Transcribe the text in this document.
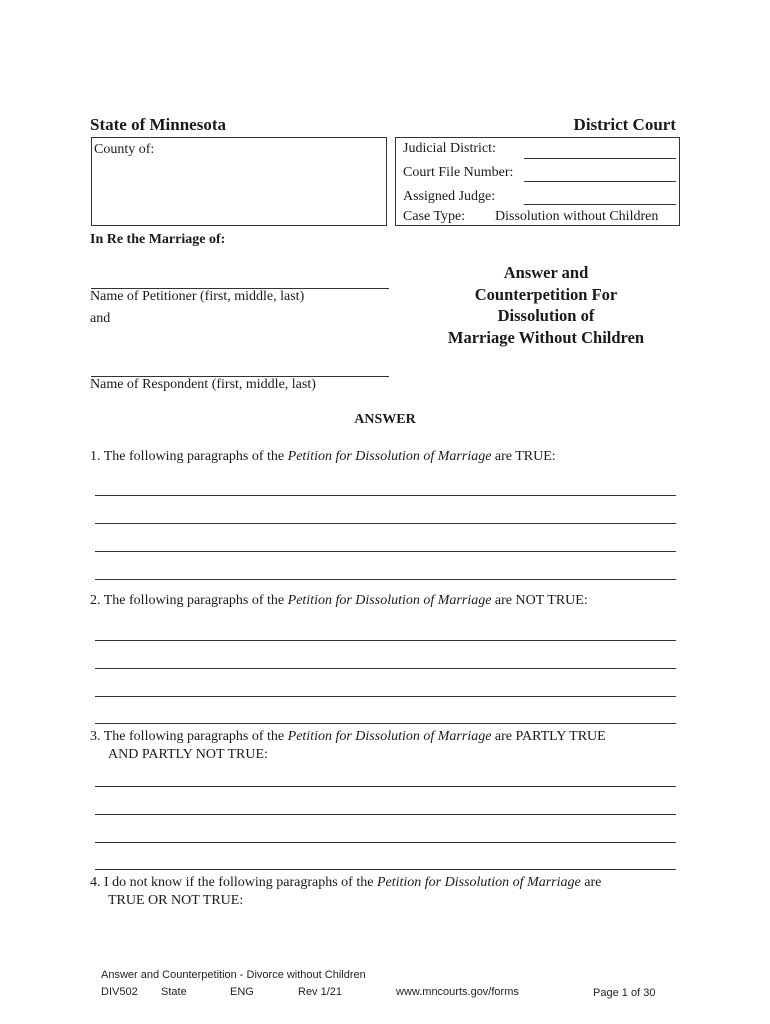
State of Minnesota	District Court
County of:	Judicial District:
Court File Number:
Assigned Judge:
Case Type: Dissolution without Children
In Re the Marriage of:
Name of Petitioner (first, middle, last)
and
Name of Respondent (first, middle, last)
Answer and
Counterpetition For
Dissolution of
Marriage Without Children
ANSWER
1. The following paragraphs of the Petition for Dissolution of Marriage are TRUE:
2. The following paragraphs of the Petition for Dissolution of Marriage are NOT TRUE:
3. The following paragraphs of the Petition for Dissolution of Marriage are PARTLY TRUE
AND PARTLY NOT TRUE:
4. I do not know if the following paragraphs of the Petition for Dissolution of Marriage are
TRUE OR NOT TRUE:
Answer and Counterpetition - Divorce without Children
DIV502 State	ENG	Rev 1/21	www.mncourts.gov/forms	Page 1 of 30
